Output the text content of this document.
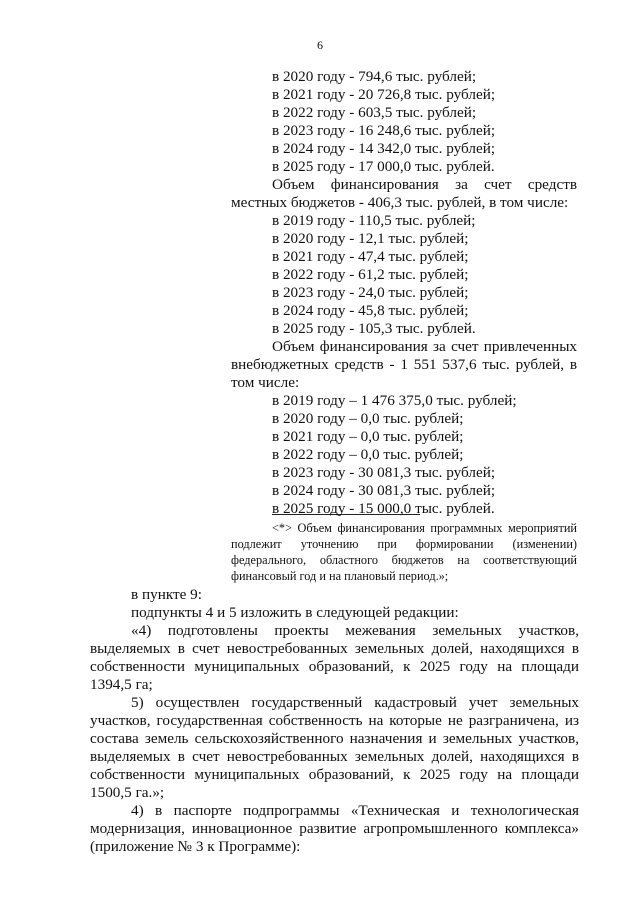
6
в 2020 году - 794,6 тыс. рублей;
в 2021 году - 20 726,8 тыс. рублей;
в 2022 году - 603,5 тыс. рублей;
в 2023 году - 16 248,6 тыс. рублей;
в 2024 году - 14 342,0 тыс. рублей;
в 2025 году - 17 000,0 тыс. рублей.
Объем финансирования за счет средств
местных бюджетов - 406,3 тыс. рублей, в том числе:
в 2019 году - 110,5 тыс. рублей;
в 2020 году - 12,1 тыс. рублей;
в 2021 году - 47,4 тыс. рублей;
в 2022 году - 61,2 тыс. рублей;
в 2023 году - 24,0 тыс. рублей;
в 2024 году - 45,8 тыс. рублей;
в 2025 году - 105,3 тыс. рублей.
Объем финансирования за счет привлеченных
внебюджетных средств - 1 551 537,6 тыс. рублей, в
том числе:
в 2019 году – 1 476 375,0 тыс. рублей;
в 2020 году – 0,0 тыс. рублей;
в 2021 году – 0,0 тыс. рублей;
в 2022 году – 0,0 тыс. рублей;
в 2023 году - 30 081,3 тыс. рублей;
в 2024 году - 30 081,3 тыс. рублей;
в 2025 году - 15 000,0 тыс. рублей.
<*> Объем финансирования программных мероприятий
подлежит уточнению при формировании (изменении)
федерального, областного бюджетов на соответствующий
финансовый год и на плановый период.»;
в пункте 9:
подпункты 4 и 5 изложить в следующей редакции:
«4) подготовлены проекты межевания земельных участков,
выделяемых в счет невостребованных земельных долей, находящихся в
собственности муниципальных образований, к 2025 году на площади
1394,5 га;
5) осуществлен государственный кадастровый учет земельных
участков, государственная собственность на которые не разграничена, из
состава земель сельскохозяйственного назначения и земельных участков,
выделяемых в счет невостребованных земельных долей, находящихся в
собственности муниципальных образований, к 2025 году на площади
1500,5 га.»;
4) в паспорте подпрограммы «Техническая и технологическая
модернизация, инновационное развитие агропромышленного комплекса»
(приложение № 3 к Программе):
